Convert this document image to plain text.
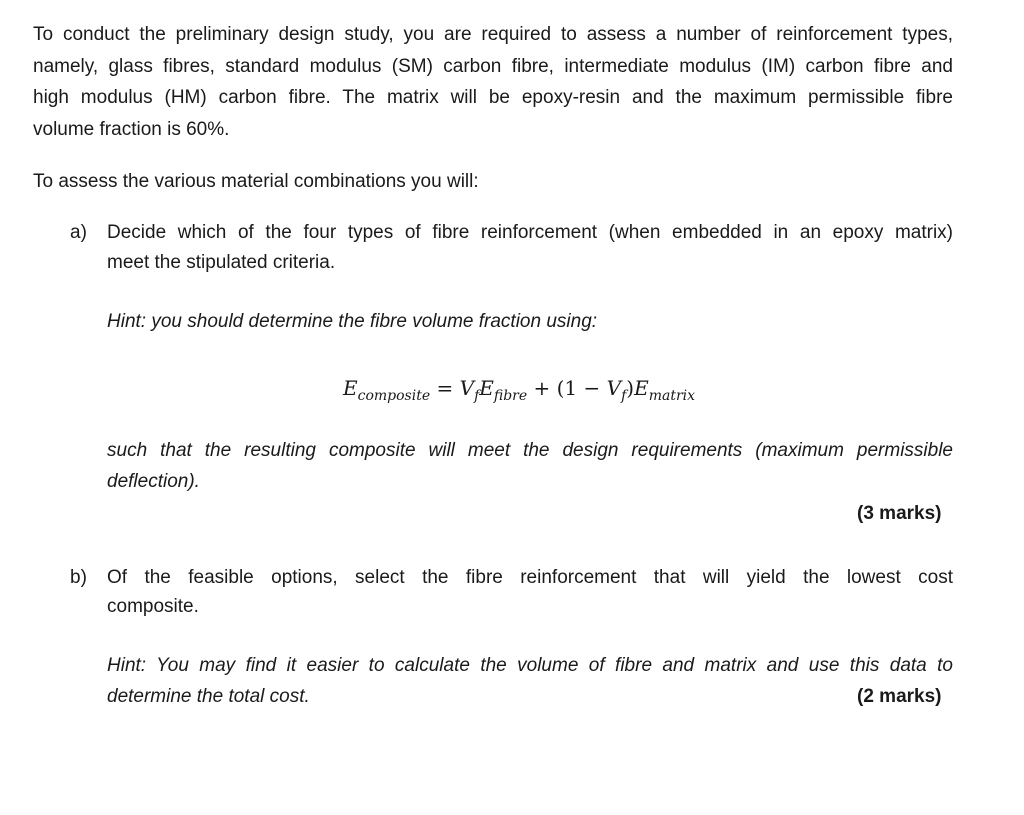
To conduct the preliminary design study, you are required to assess a number of reinforcement types,
namely, glass fibres, standard modulus (SM) carbon fibre, intermediate modulus (IM) carbon fibre and
high modulus (HM) carbon fibre. The matrix will be epoxy-resin and the maximum permissible fibre
volume fraction is 60%.
To assess the various material combinations you will:
a) Decide which of the four types of fibre reinforcement (when embedded in an epoxy matrix)
meet the stipulated criteria.
Hint: you should determine the fibre volume fraction using:
$E_{composite} = V_fE_{fibre} + (1 - V_f)E_{matrix}$
such that the resulting composite will meet the design requirements (maximum permissible
deflection).
(3 marks)
b) Of the feasible options, select the fibre reinforcement that will yield the lowest cost
composite.
Hint: You may find it easier to calculate the volume of fibre and matrix and use this data to
determine the total cost.	(2 marks)
